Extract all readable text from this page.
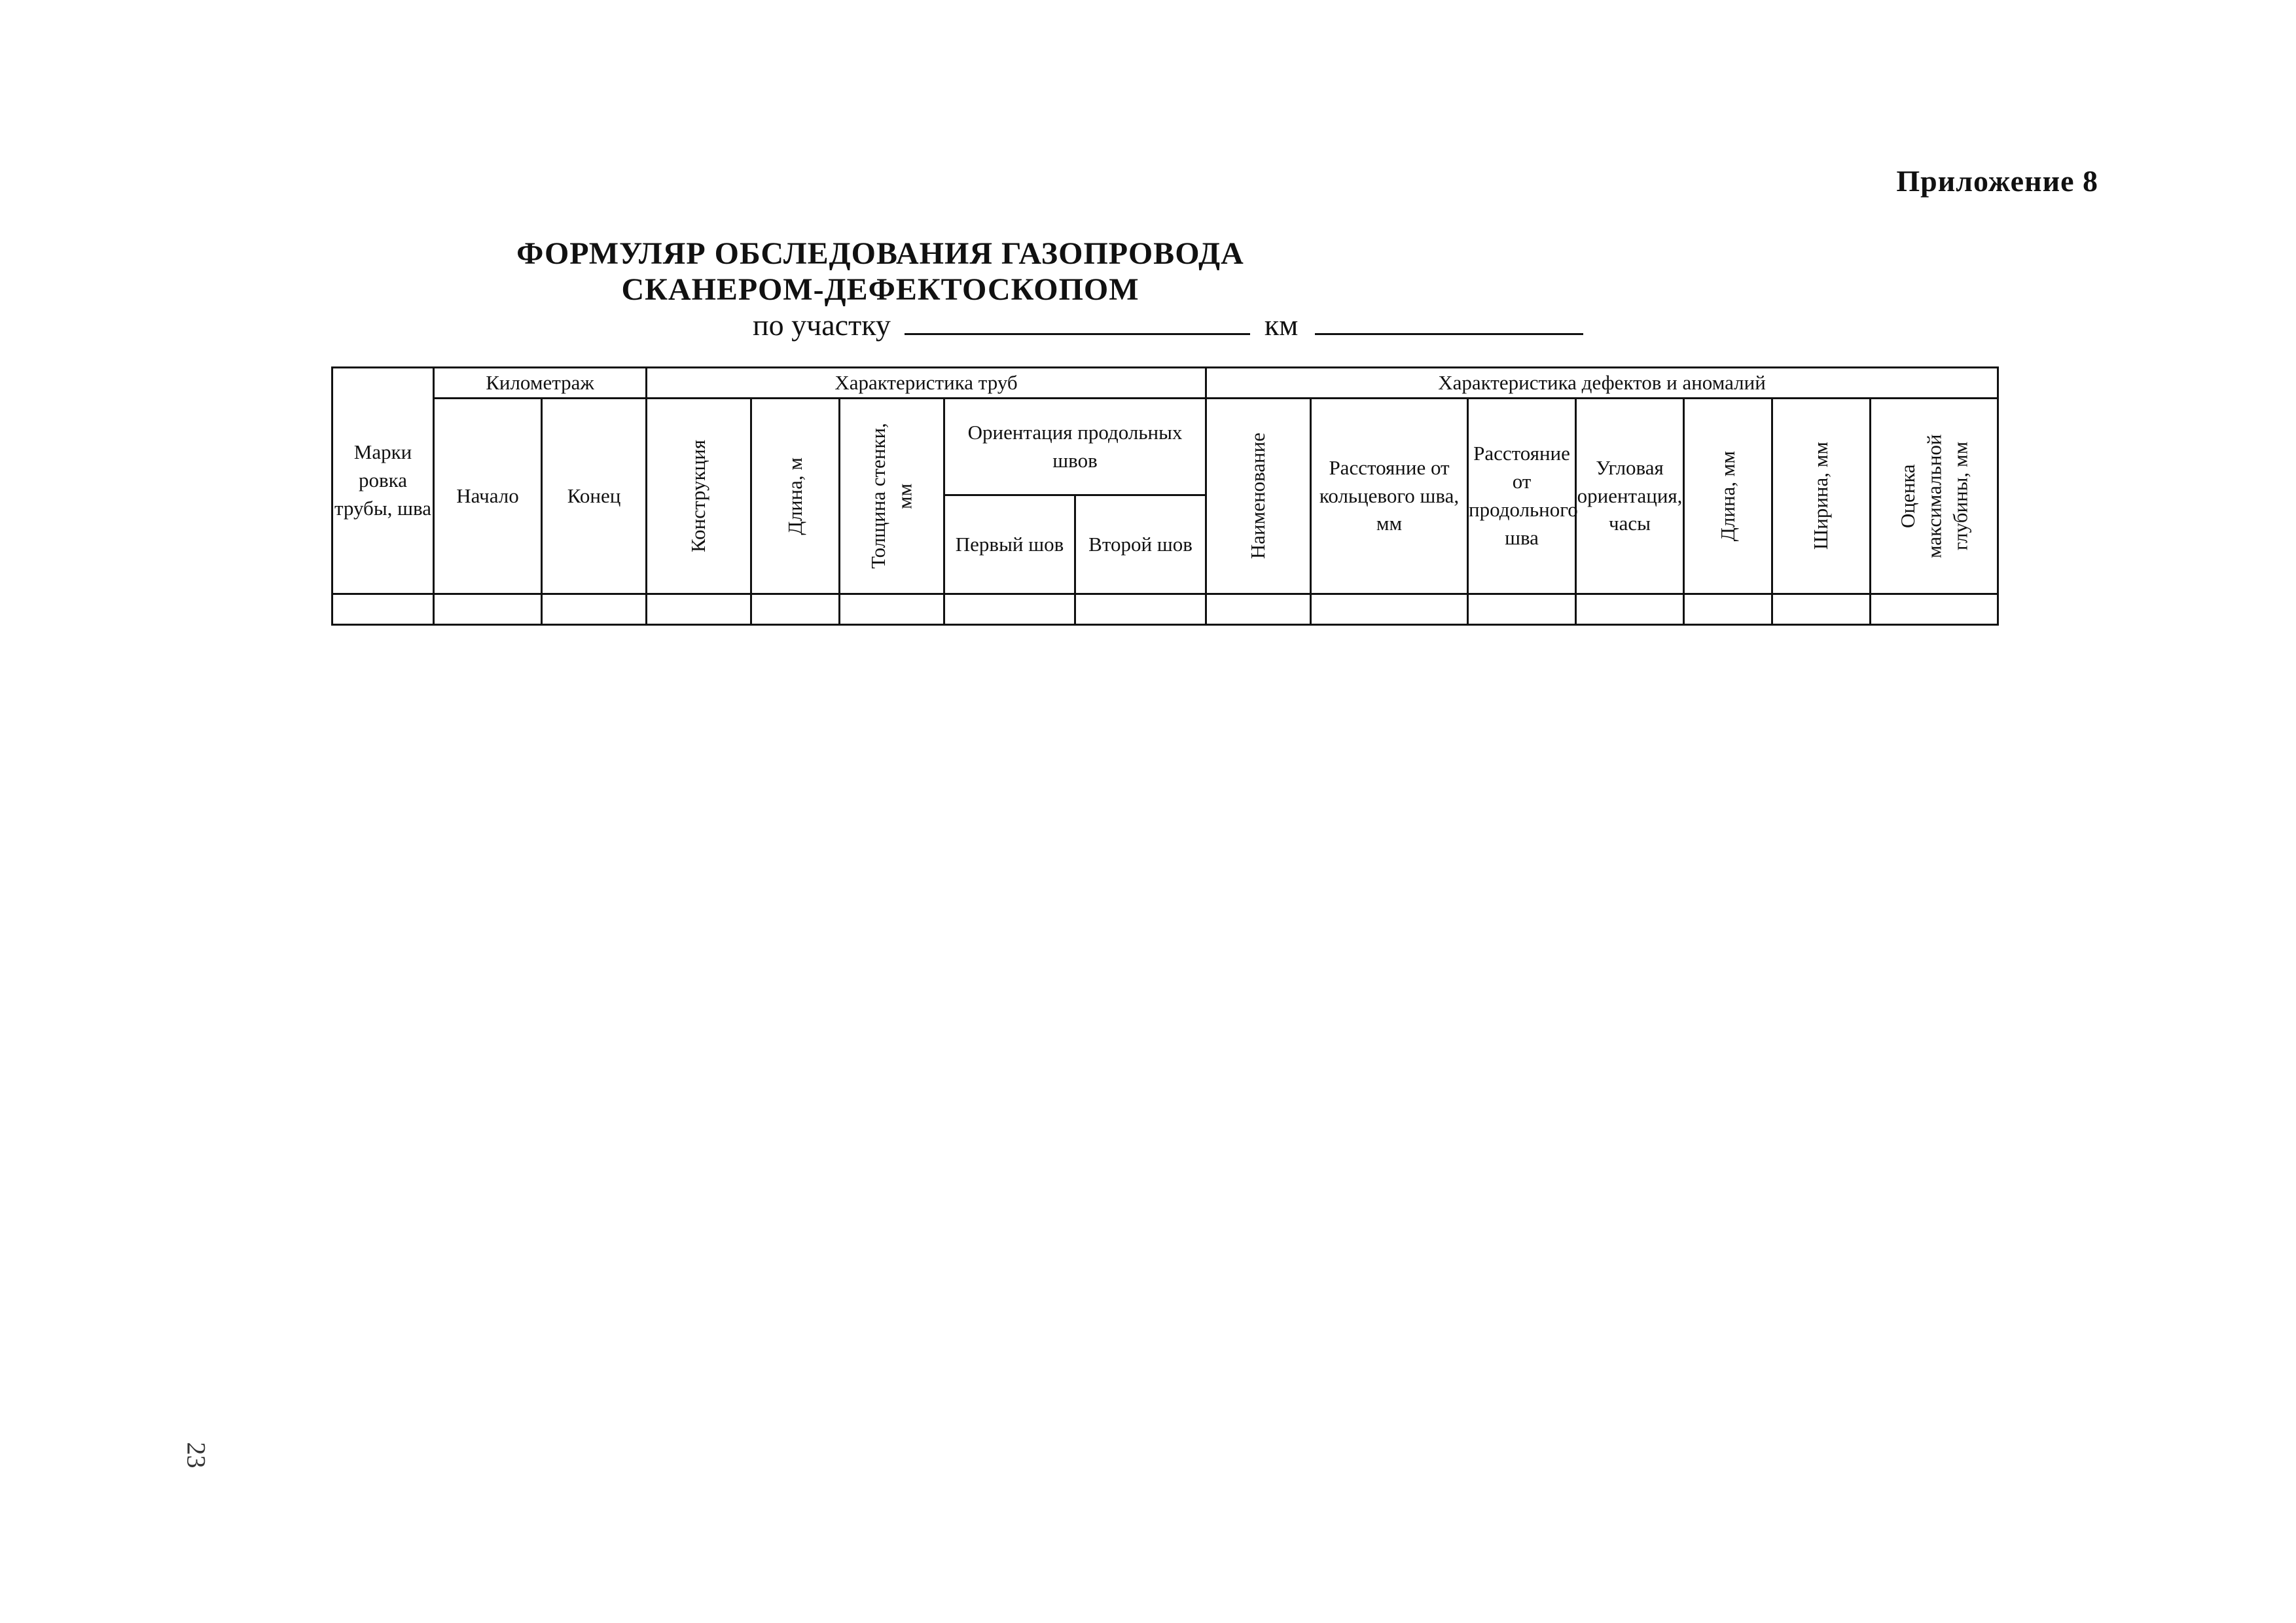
Приложение 8
ФОРМУЛЯР ОБСЛЕДОВАНИЯ ГАЗОПРОВОДА
СКАНЕРОМ-ДЕФЕКТОСКОПОМ
по участку	км
Марки ровка трубы, шва	Километраж		Характеристика труб					Характеристика дефектов и аномалий						
	Начало	Конец	Конструкция	Длина, м	Толщина стенки, мм	Ориентация продольных швов		Наименование	Расстояние от кольцевого шва, мм	Расстояние от продольного шва	Угловая ориентация, часы	Длина, мм	Ширина, мм	Оценка максимальной глубины, мм

						Первый шов	Второй шов							

23
